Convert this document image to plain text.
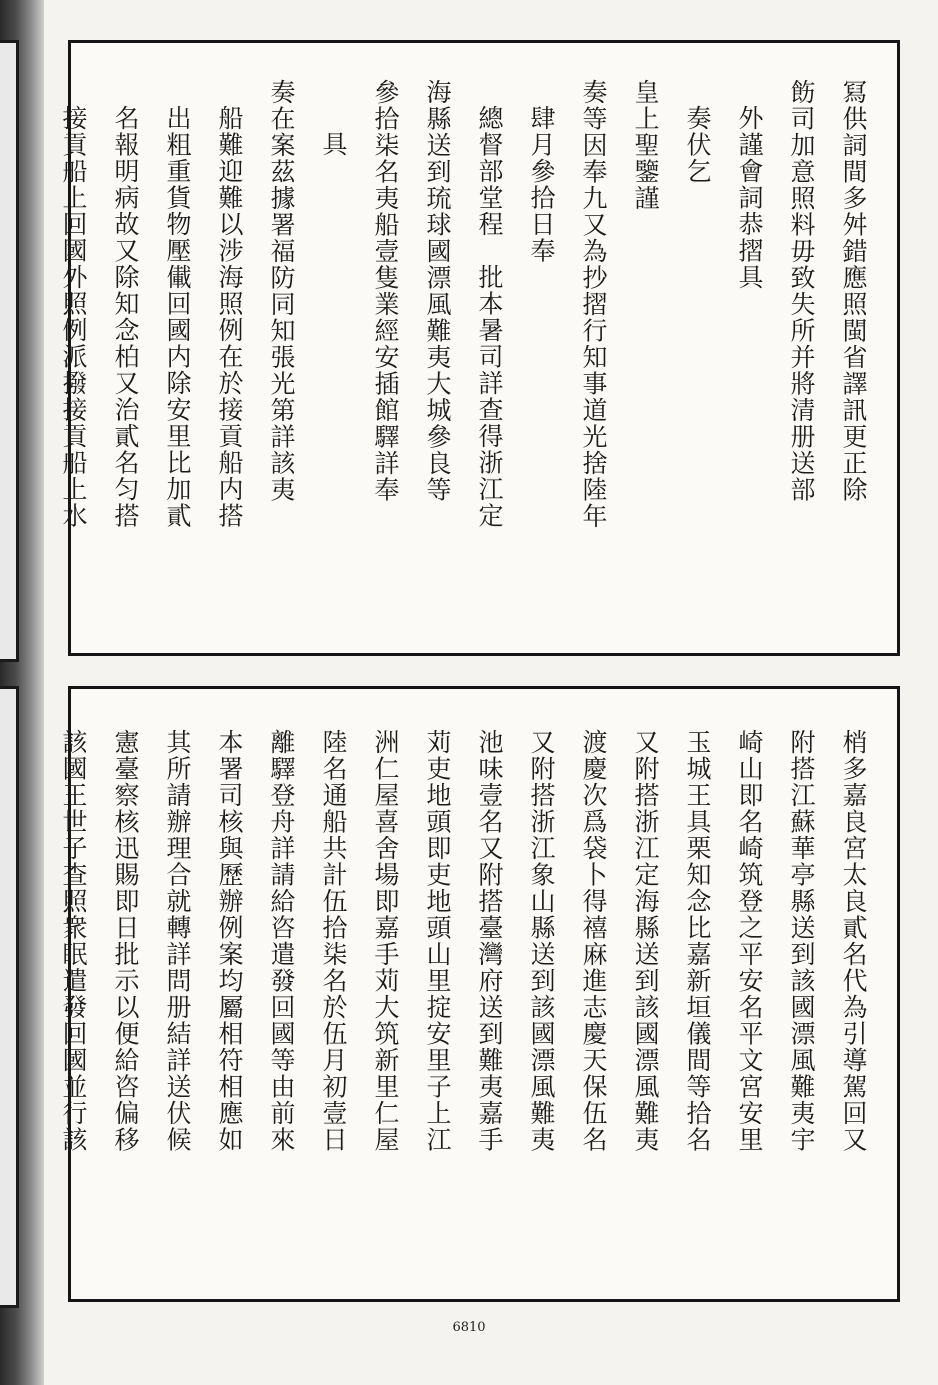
冩供詞間多舛錯應照閩省譯訊更正除
飭司加意照料毋致失所并將清册送部
外謹會詞恭摺具
奏伏乞
皇上聖鑒謹
奏等因奉九又為抄摺行知事道光捨陸年
肆月參拾日奉
總督部堂程　批本暑司詳查得浙江定
海縣送到琉球國漂風難夷大城參良等
參拾柒名夷船壹隻業經安插館驛詳奉
具
奏在案茲據署福防同知張光第詳該夷
船難迎難以涉海照例在於接貢船内搭
出粗重貨物壓儎回國内除安里比加貳
名報明病故又除知念柏又治貳名匀搭
接貢船上回國外照例派撥接貢船上水
梢多嘉良宮太良貳名代為引導駕回又
附搭江蘇華亭縣送到該國漂風難夷宇
崎山即名崎筑登之平安名平文宮安里
玉城王具栗知念比嘉新垣儀間等拾名
又附搭浙江定海縣送到該國漂風難夷
渡慶次爲袋卜得禧麻進志慶天保伍名
又附搭浙江象山縣送到該國漂風難夷
池味壹名又附搭臺灣府送到難夷嘉手
苅吏地頭即吏地頭山里掟安里子上江
洲仁屋喜舍場即嘉手苅大筑新里仁屋
陸名通船共計伍拾柒名於伍月初壹日
離驛登舟詳請給咨遣發回國等由前來
本署司核與歷辦例案均屬相符相應如
其所請辦理合就轉詳問册結詳送伏候
憲臺察核迅賜即日批示以便給咨偏移
該國王世子查照衆眠遣發回國並行該
6810
